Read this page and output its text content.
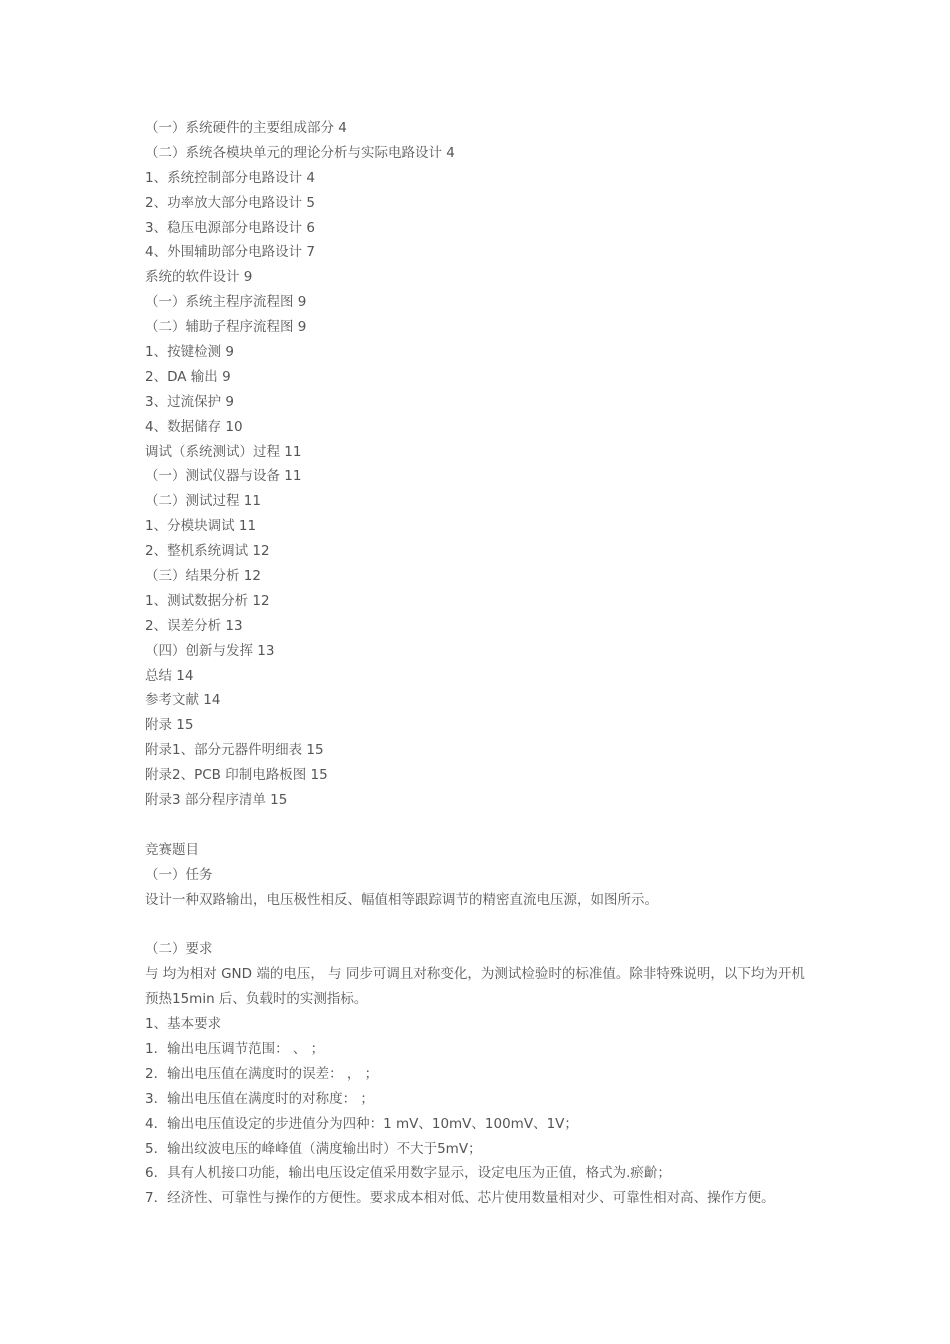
（一）系统硬件的主要组成部分 4
（二）系统各模块单元的理论分析与实际电路设计 4
1、系统控制部分电路设计 4
2、功率放大部分电路设计 5
3、稳压电源部分电路设计 6
4、外围辅助部分电路设计 7
系统的软件设计 9
（一）系统主程序流程图 9
（二）辅助子程序流程图 9
1、按键检测 9
2、DA 输出 9
3、过流保护 9
4、数据储存 10
调试（系统测试）过程 11
（一）测试仪器与设备 11
（二）测试过程 11
1、分模块调试 11
2、整机系统调试 12
（三）结果分析 12
1、测试数据分析 12
2、误差分析 13
（四）创新与发挥 13
总结 14
参考文献 14
附录 15
附录1、部分元器件明细表 15
附录2、PCB 印制电路板图 15
附录3 部分程序清单 15
竞赛题目
（一）任务
设计一种双路输出，电压极性相反、幅值相等跟踪调节的精密直流电压源，如图所示。
（二）要求
与 均为相对 GND 端的电压， 与 同步可调且对称变化，为测试检验时的标准值。除非特殊说明，以下均为开机预热15min 后、负载时的实测指标。
1、基本要求
1．输出电压调节范围： 、 ；
2．输出电压值在满度时的误差： ， ；
3．输出电压值在满度时的对称度： ；
4．输出电压值设定的步进值分为四种：1 mV、10mV、100mV、1V；
5．输出纹波电压的峰峰值（满度输出时）不大于5mV；
6．具有人机接口功能，输出电压设定值采用数字显示，设定电压为正值，格式为.瘀齘；
7．经济性、可靠性与操作的方便性。要求成本相对低、芯片使用数量相对少、可靠性相对高、操作方便。
